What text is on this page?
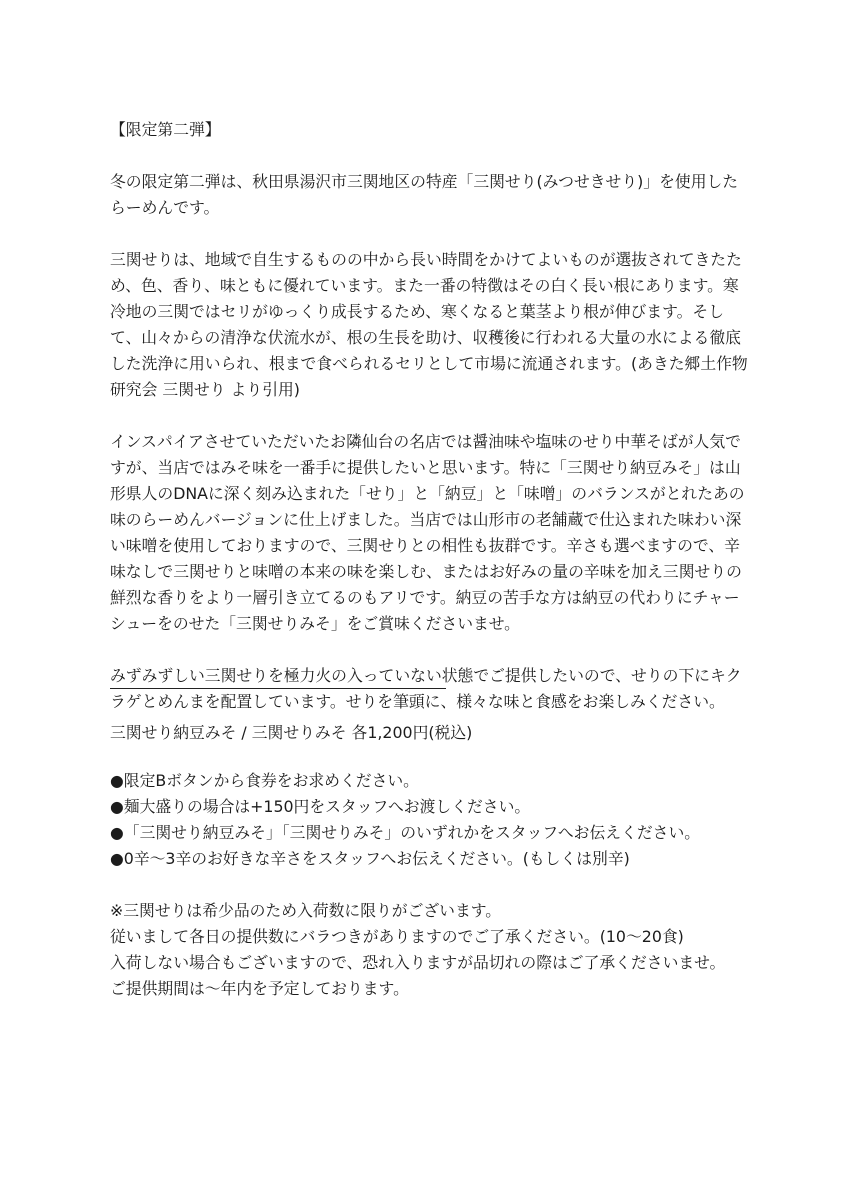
【限定第二弾】

冬の限定第二弾は、秋田県湯沢市三関地区の特産「三関せり(みつせきせり)」を使用した
らーめんです。

三関せりは、地域で自生するものの中から長い時間をかけてよいものが選抜されてきたた
め、色、香り、味ともに優れています。また一番の特徴はその白く長い根にあります。寒
冷地の三関ではセリがゆっくり成長するため、寒くなると葉茎より根が伸びます。そし
て、山々からの清浄な伏流水が、根の生長を助け、収穫後に行われる大量の水による徹底
した洗浄に用いられ、根まで食べられるセリとして市場に流通されます。(あきた郷土作物
研究会 三関せり より引用)

インスパイアさせていただいたお隣仙台の名店では醤油味や塩味のせり中華そばが人気で
すが、当店ではみそ味を一番手に提供したいと思います。特に「三関せり納豆みそ」は山
形県人のDNAに深く刻み込まれた「せり」と「納豆」と「味噌」のバランスがとれたあの
味のらーめんバージョンに仕上げました。当店では山形市の老舗蔵で仕込まれた味わい深
い味噌を使用しておりますので、三関せりとの相性も抜群です。辛さも選べますので、辛
味なしで三関せりと味噌の本来の味を楽しむ、またはお好みの量の辛味を加え三関せりの
鮮烈な香りをより一層引き立てるのもアリです。納豆の苦手な方は納豆の代わりにチャー
シューをのせた「三関せりみそ」をご賞味くださいませ。

みずみずしい三関せりを極力火の入っていない状態でご提供したいので、せりの下にキク
ラゲとめんまを配置しています。せりを筆頭に、様々な味と食感をお楽しみください。

三関せり納豆みそ / 三関せりみそ 各1,200円(税込)
●限定Bボタンから食券をお求めください。
●麺大盛りの場合は+150円をスタッフへお渡しください。
●「三関せり納豆みそ」「三関せりみそ」のいずれかをスタッフへお伝えください。
●0辛〜3辛のお好きな辛さをスタッフへお伝えください。(もしくは別辛)
※三関せりは希少品のため入荷数に限りがございます。
従いまして各日の提供数にバラつきがありますのでご了承ください。(10〜20食)
入荷しない場合もございますので、恐れ入りますが品切れの際はご了承くださいませ。
ご提供期間は〜年内を予定しております。
